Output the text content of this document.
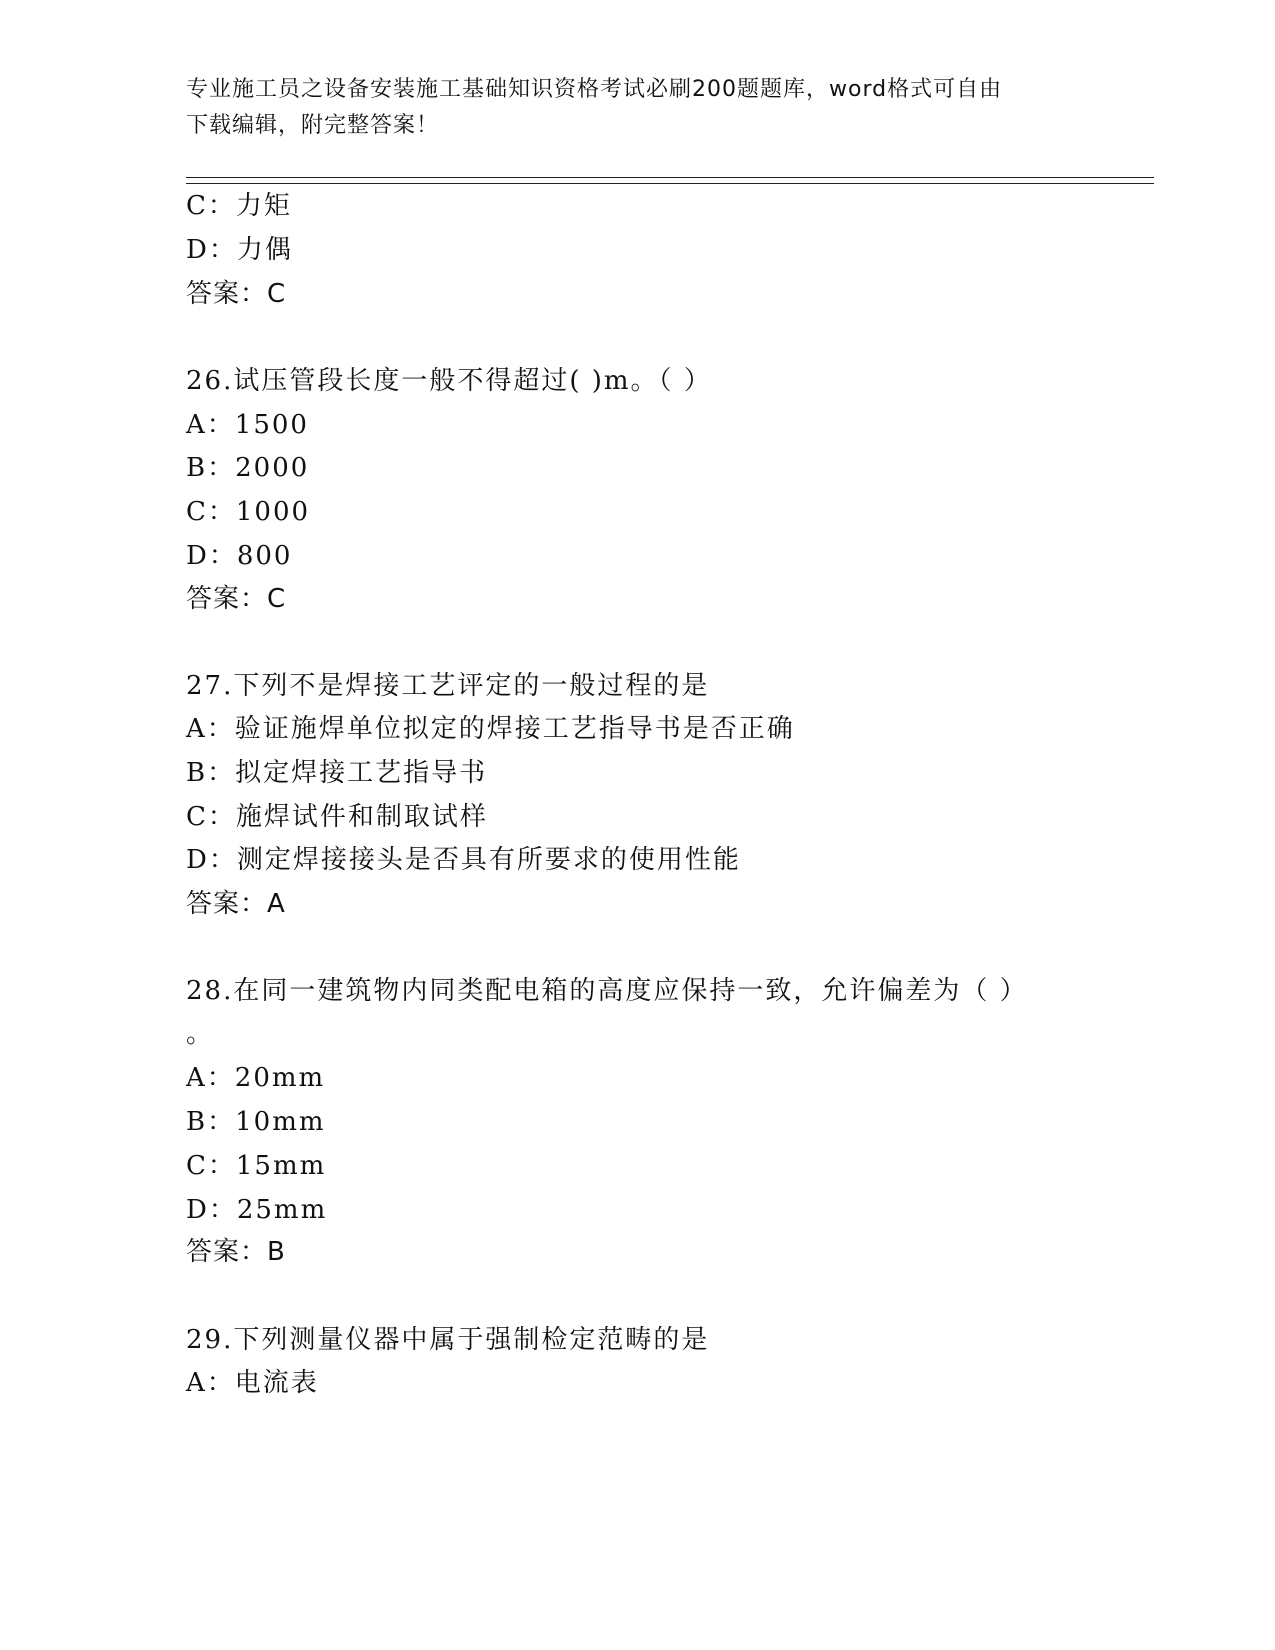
专业施工员之设备安装施工基础知识资格考试必刷200题题库，word格式可自由
下载编辑，附完整答案！
C：力矩
D：力偶
答案：C
26.试压管段长度一般不得超过( )m。（ ）
A：1500
B：2000
C：1000
D：800
答案：C
27.下列不是焊接工艺评定的一般过程的是
A：验证施焊单位拟定的焊接工艺指导书是否正确
B：拟定焊接工艺指导书
C：施焊试件和制取试样
D：测定焊接接头是否具有所要求的使用性能
答案：A
28.在同一建筑物内同类配电箱的高度应保持一致，允许偏差为（ ）
。
A：20mm
B：10mm
C：15mm
D：25mm
答案：B
29.下列测量仪器中属于强制检定范畴的是
A：电流表
